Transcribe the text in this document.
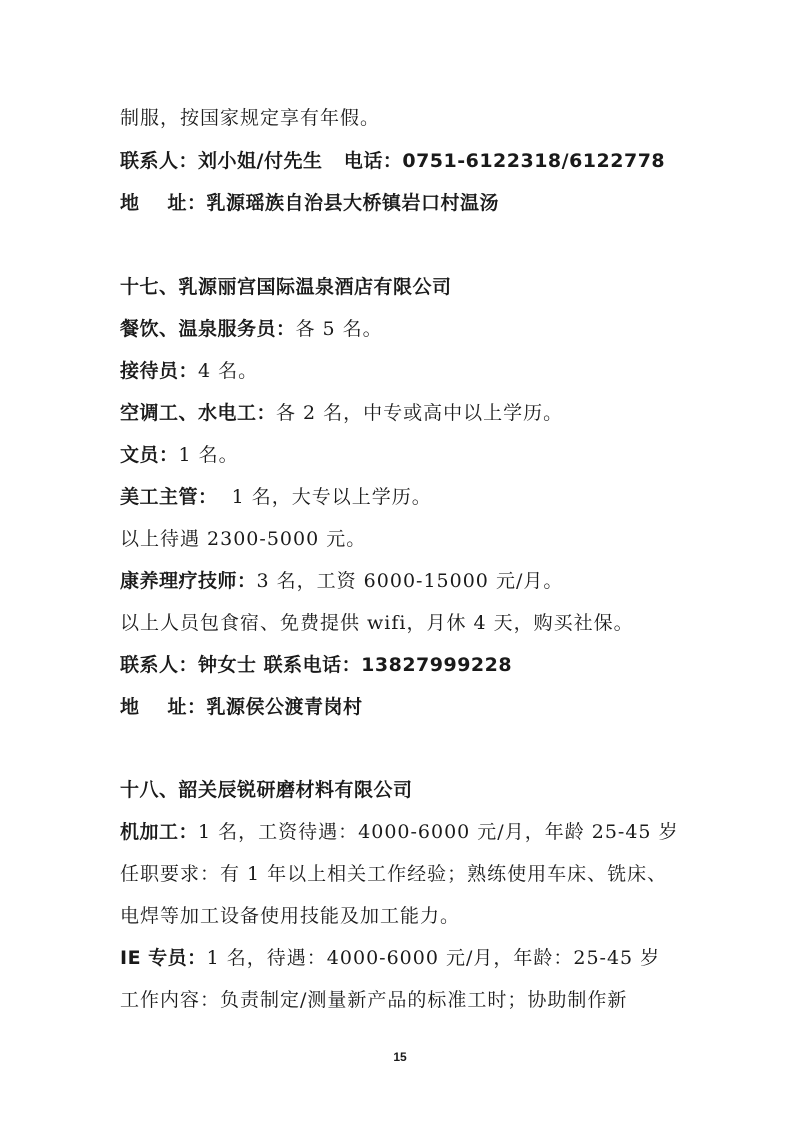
制服，按国家规定享有年假。
联系人：刘小姐/付先生 电话：0751-6122318/6122778
地 址：乳源瑶族自治县大桥镇岩口村温汤
十七、乳源丽宫国际温泉酒店有限公司
餐饮、温泉服务员：各 5 名。
接待员：4 名。
空调工、水电工：各 2 名，中专或高中以上学历。
文员：1 名。
美工主管：  1 名，大专以上学历。
以上待遇 2300-5000 元。
康养理疗技师：3 名，工资 6000-15000 元/月。
以上人员包食宿、免费提供 wifi，月休 4 天，购买社保。
联系人：钟女士 联系电话：13827999228
地 址：乳源侯公渡青岗村
十八、韶关辰锐研磨材料有限公司
机加工：1 名，工资待遇：4000-6000 元/月，年龄 25-45 岁
任职要求：有 1 年以上相关工作经验；熟练使用车床、铣床、
电焊等加工设备使用技能及加工能力。
IE 专员：1 名，待遇：4000-6000 元/月，年龄：25-45 岁
工作内容：负责制定/测量新产品的标准工时；协助制作新
15
